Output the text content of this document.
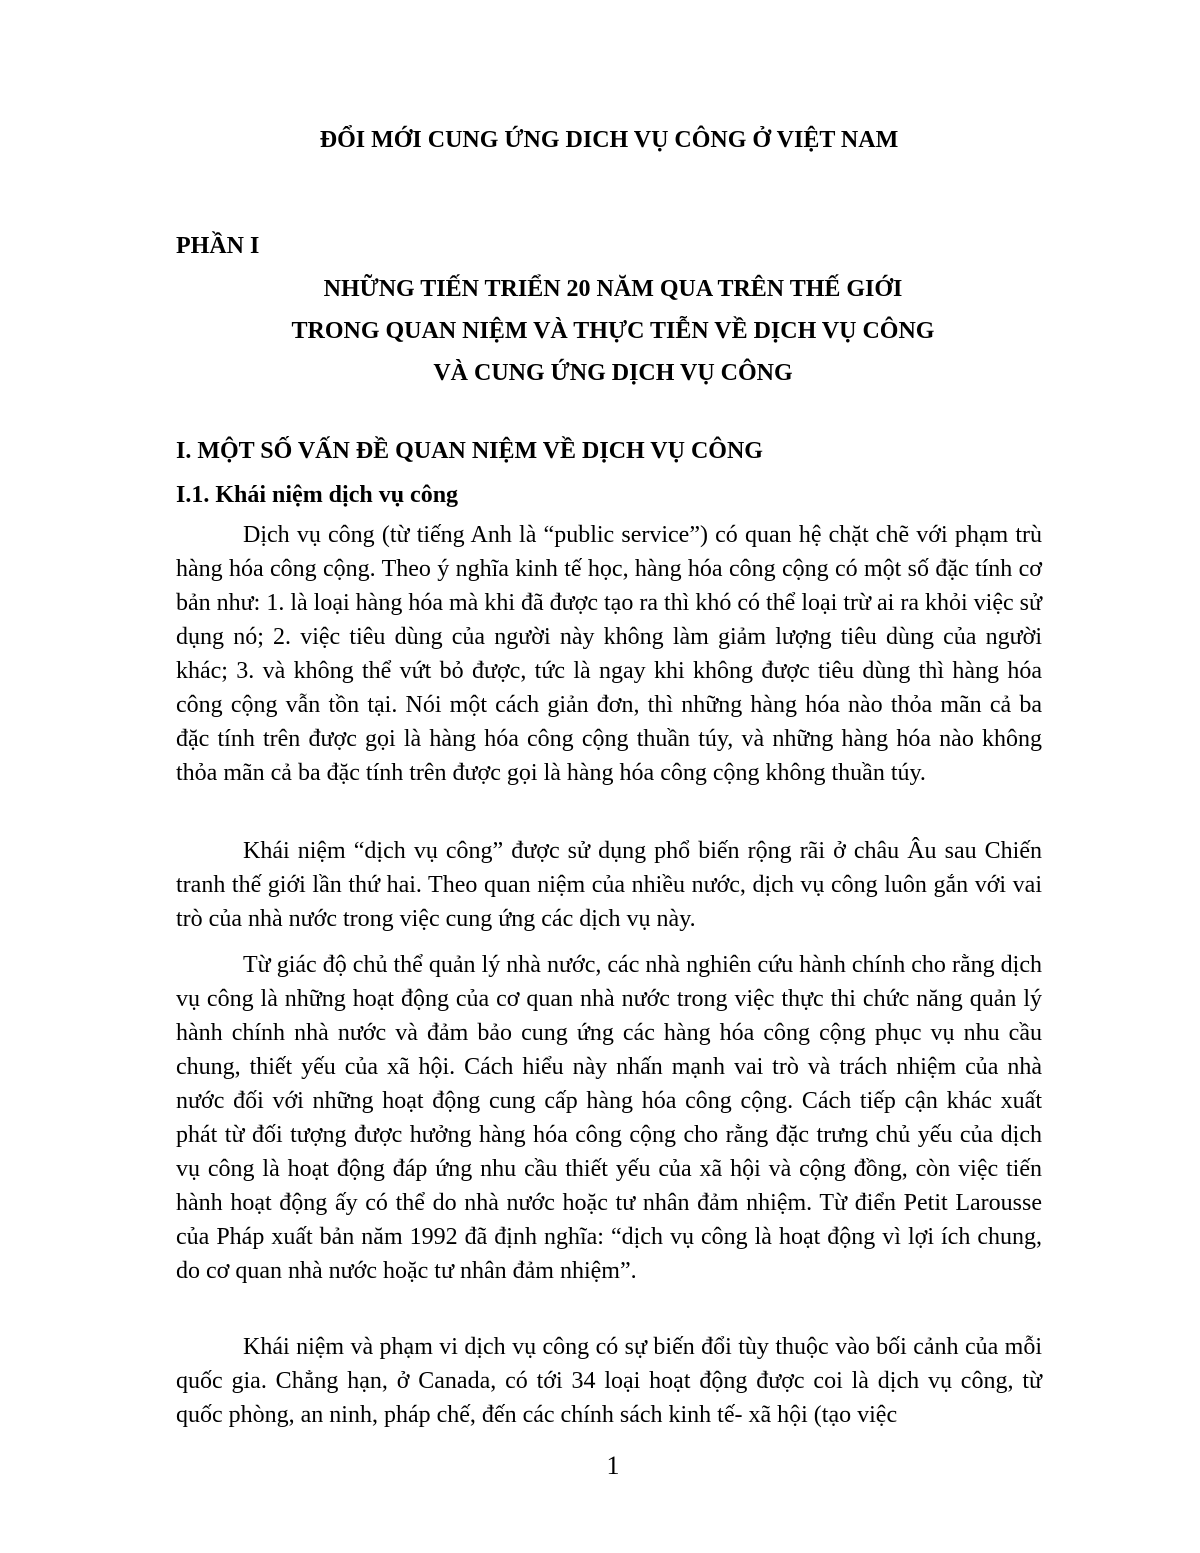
ĐỔI MỚI CUNG ỨNG DICH VỤ CÔNG Ở VIỆT NAM
PHẦN I
NHỮNG TIẾN TRIỂN 20 NĂM QUA TRÊN THẾ GIỚI
TRONG QUAN NIỆM VÀ THỰC TIỄN VỀ DỊCH VỤ CÔNG
VÀ CUNG ỨNG DỊCH VỤ CÔNG
I. MỘT SỐ VẤN ĐỀ QUAN NIỆM VỀ DỊCH VỤ CÔNG
I.1. Khái niệm dịch vụ công

Dịch vụ công (từ tiếng Anh là “public service”) có quan hệ chặt chẽ với phạm trù hàng hóa công cộng. Theo ý nghĩa kinh tế học, hàng hóa công cộng có một số đặc tính cơ bản như: 1. là loại hàng hóa mà khi đã được tạo ra thì khó có thể loại trừ ai ra khỏi việc sử dụng nó; 2. việc tiêu dùng của người này không làm giảm lượng tiêu dùng của người khác; 3. và không thể vứt bỏ được, tức là ngay khi không được tiêu dùng thì hàng hóa công cộng vẫn tồn tại. Nói một cách giản đơn, thì những hàng hóa nào thỏa mãn cả ba đặc tính trên được gọi là hàng hóa công cộng thuần túy, và những hàng hóa nào không thỏa mãn cả ba đặc tính trên được gọi là hàng hóa công cộng không thuần túy.

Khái niệm “dịch vụ công” được sử dụng phổ biến rộng rãi ở châu Âu sau Chiến tranh thế giới lần thứ hai. Theo quan niệm của nhiều nước, dịch vụ công luôn gắn với vai trò của nhà nước trong việc cung ứng các dịch vụ này.

Từ giác độ chủ thể quản lý nhà nước, các nhà nghiên cứu hành chính cho rằng dịch vụ công là những hoạt động của cơ quan nhà nước trong việc thực thi chức năng quản lý hành chính nhà nước và đảm bảo cung ứng các hàng hóa công cộng phục vụ nhu cầu chung, thiết yếu của xã hội. Cách hiểu này nhấn mạnh vai trò và trách nhiệm của nhà nước đối với những hoạt động cung cấp hàng hóa công cộng. Cách tiếp cận khác xuất phát từ đối tượng được hưởng hàng hóa công cộng cho rằng đặc trưng chủ yếu của dịch vụ công là hoạt động đáp ứng nhu cầu thiết yếu của xã hội và cộng đồng, còn việc tiến hành hoạt động ấy có thể do nhà nước hoặc tư nhân đảm nhiệm. Từ điển Petit Larousse của Pháp xuất bản năm 1992 đã định nghĩa: “dịch vụ công là hoạt động vì lợi ích chung, do cơ quan nhà nước hoặc tư nhân đảm nhiệm”.

Khái niệm và phạm vi dịch vụ công có sự biến đổi tùy thuộc vào bối cảnh của mỗi quốc gia. Chẳng hạn, ở Canada, có tới 34 loại hoạt động được coi là dịch vụ công, từ quốc phòng, an ninh, pháp chế, đến các chính sách kinh tế- xã hội (tạo việc

1
